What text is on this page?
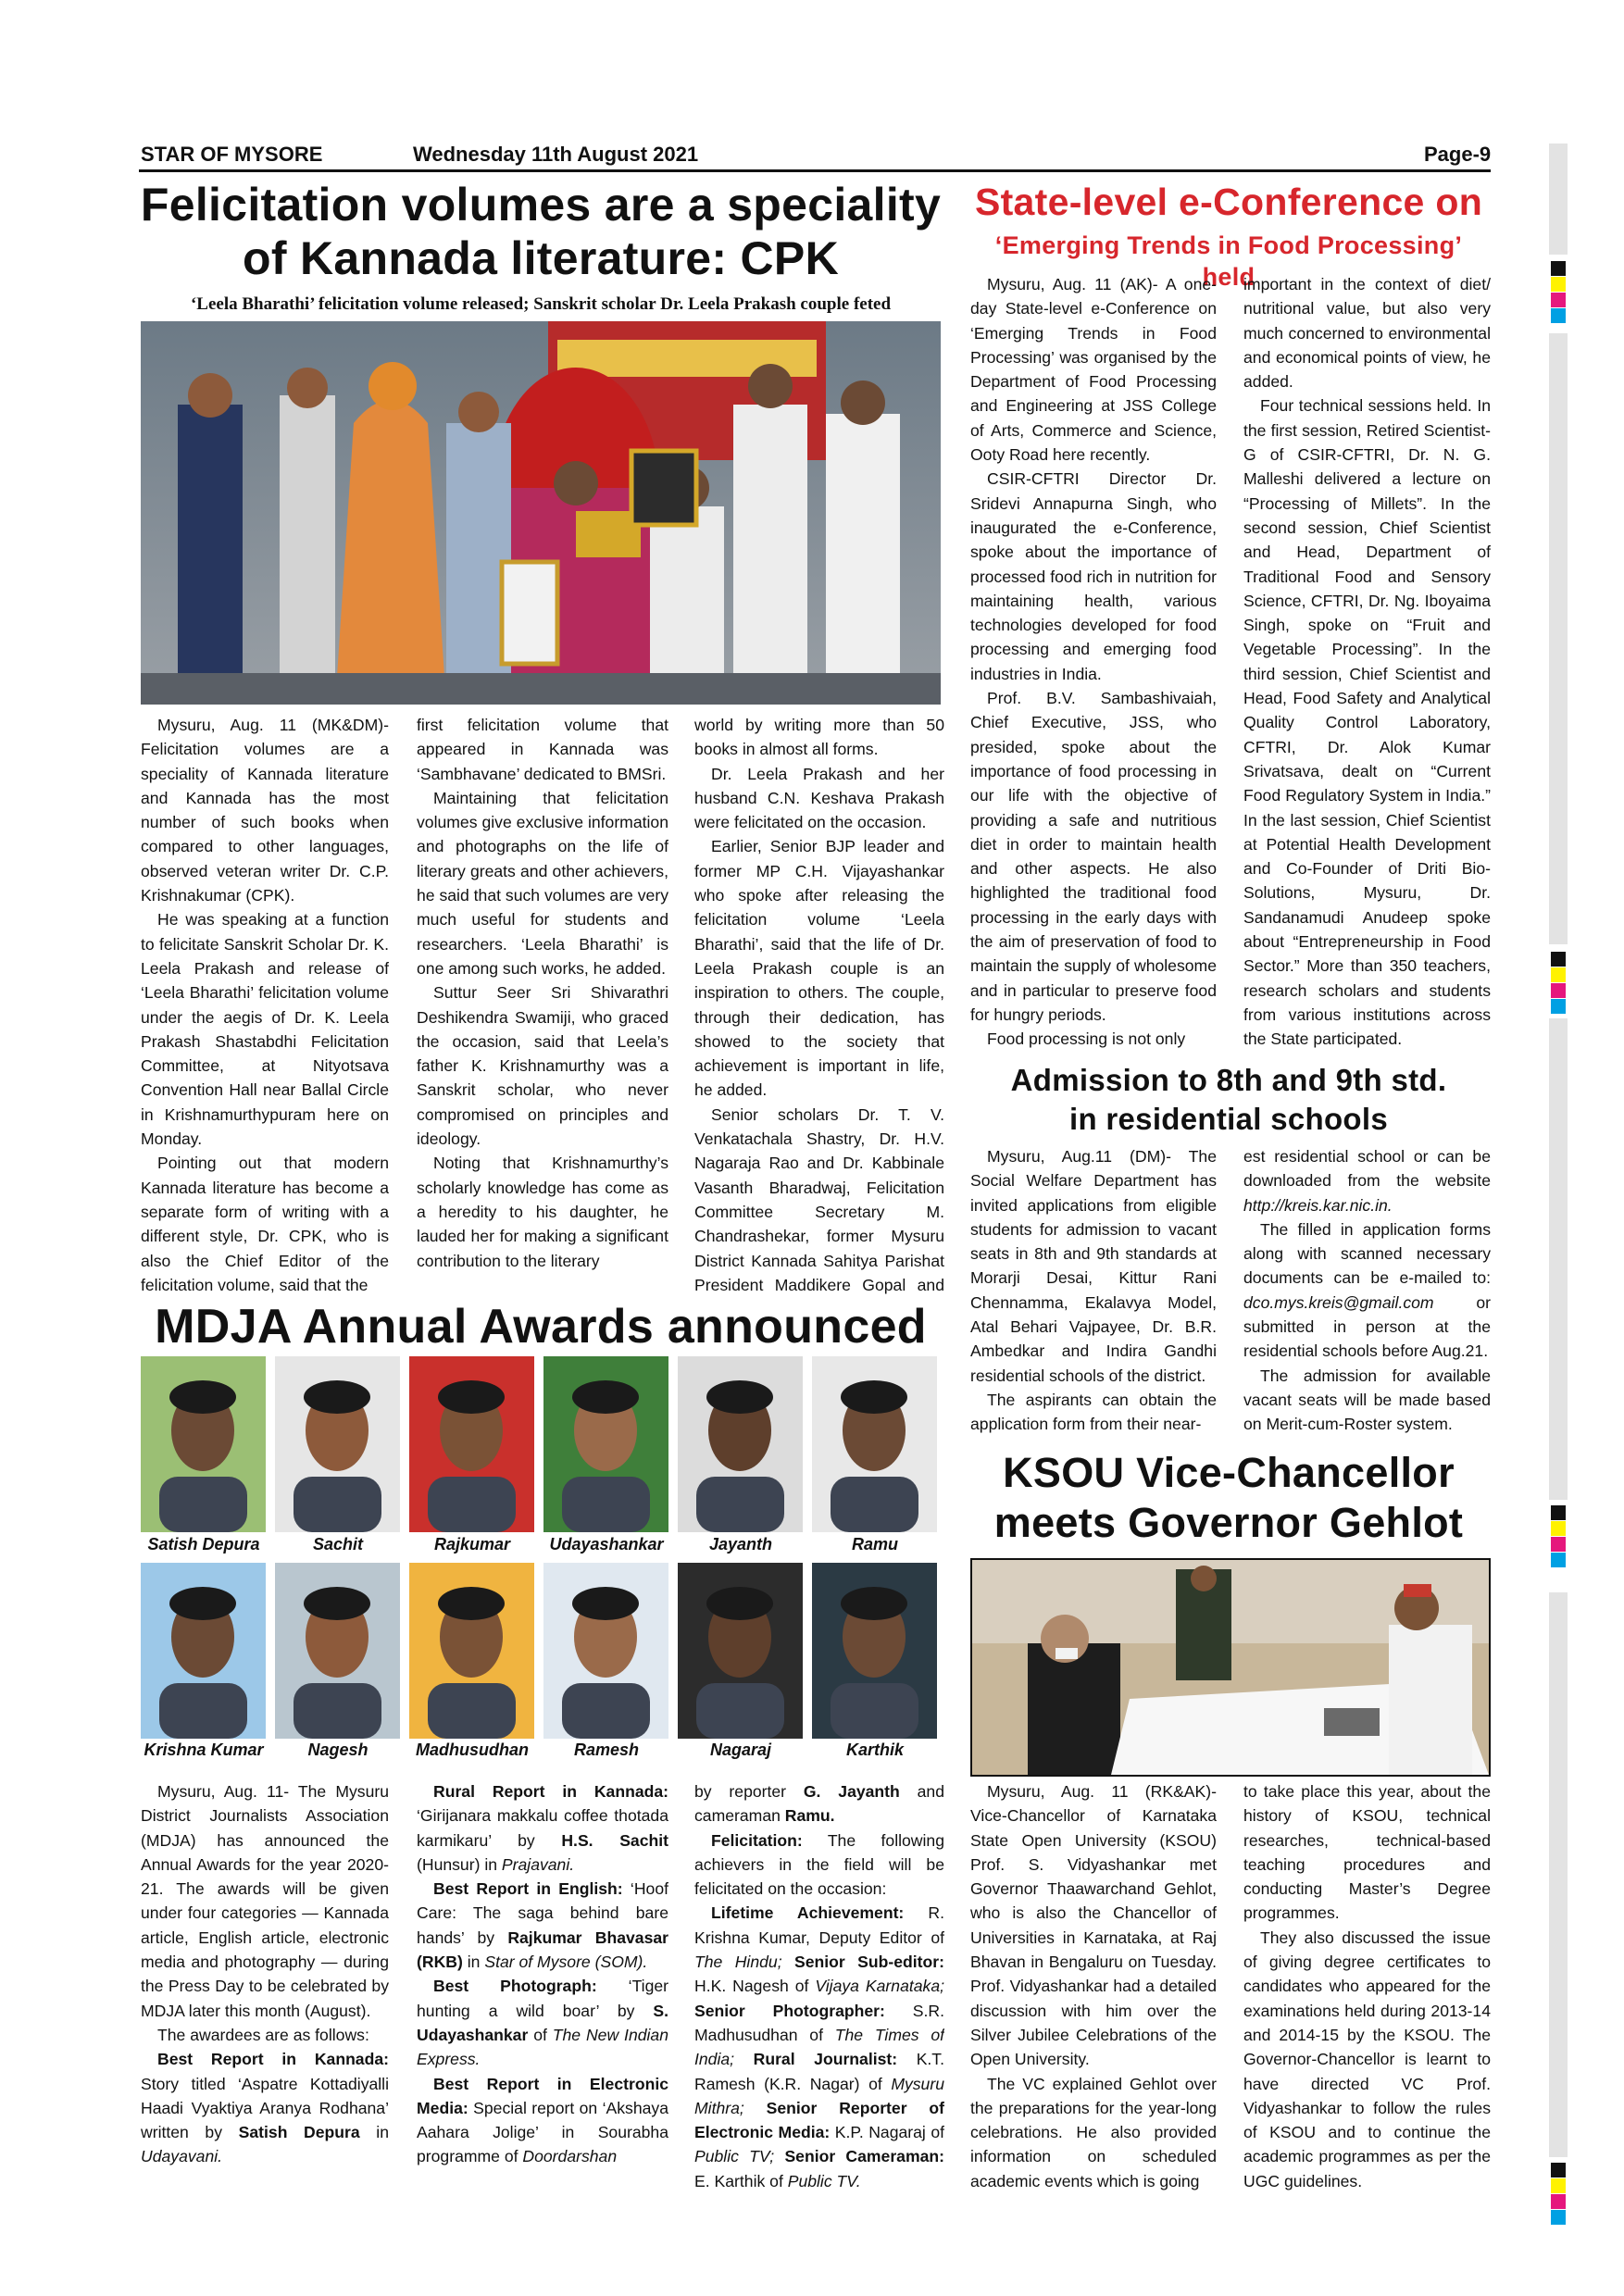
STAR OF MYSORE	Wednesday 11th August 2021	Page-9
Felicitation volumes are a speciality
of Kannada literature: CPK
‘Leela Bharathi’ felicitation volume released; Sanskrit scholar Dr. Leela Prakash couple feted

Mysuru, Aug. 11 (MK&DM)- Felicitation volumes are a speciality of Kannada literature and Kannada has the most number of such books when compared to other languages, observed veteran writer Dr. C.P. Krishnakumar (CPK).

He was speaking at a function to felicitate Sanskrit Scholar Dr. K. Leela Prakash and release of ‘Leela Bharathi’ felicitation volume under the aegis of Dr. K. Leela Prakash Shastabdhi Felicitation Committee, at Nityotsava Convention Hall near Ballal Circle in Krishnamurthypuram here on Monday.

Pointing out that modern Kannada literature has become a separate form of writing with a different style, Dr. CPK, who is also the Chief Editor of the felicitation volume, said that the

first felicitation volume that appeared in Kannada was ‘Sambhavane’ dedicated to BMSri.

Maintaining that felicitation volumes give exclusive information and photographs on the life of literary greats and other achievers, he said that such volumes are very much useful for students and researchers. ‘Leela Bharathi’ is one among such works, he added.

Suttur Seer Sri Shivarathri Deshikendra Swamiji, who graced the occasion, said that Leela’s father K. Krishnamurthy was a Sanskrit scholar, who never compromised on principles and ideology.

Noting that Krishnamurthy’s scholarly knowledge has come as a heredity to his daughter, he lauded her for making a significant contribution to the literary

world by writing more than 50 books in almost all forms.

Dr. Leela Prakash and her husband C.N. Keshava Prakash were felicitated on the occasion.

Earlier, Senior BJP leader and former MP C.H. Vijayashankar who spoke after releasing the felicitation volume ‘Leela Bharathi’, said that the life of Dr. Leela Prakash couple is an inspiration to others. The couple, through their dedication, has showed to the society that achievement is important in life, he added.

Senior scholars Dr. T. V. Venkatachala Shastry, Dr. H.V. Nagaraja Rao and Dr. Kabbinale Vasanth Bharadwaj, Felicitation Committee Secretary M. Chandrashekar, former Mysuru District Kannada Sahitya Parishat President Maddikere Gopal and

MDJA Annual Awards announced
Satish Depura	Sachit	Rajkumar	Udayashankar	Jayanth	Ramu
Krishna Kumar	Nagesh	Madhusudhan	Ramesh	Nagaraj	Karthik

Mysuru, Aug. 11- The Mysuru District Journalists Association (MDJA) has announced the Annual Awards for the year 2020-21. The awards will be given under four categories — Kannada article, English article, electronic media and photography — during the Press Day to be celebrated by MDJA later this month (August).

The awardees are as follows:

Best Report in Kannada: Story titled ‘Aspatre Kottadiyalli Haadi Vyaktiya Aranya Rodhana’ written by Satish Depura in Udayavani.

Rural Report in Kannada: ‘Girijanara makkalu coffee thotada karmikaru’ by H.S. Sachit (Hunsur) in Prajavani.

Best Report in English: ‘Hoof Care: The saga behind bare hands’ by Rajkumar Bhavasar (RKB) in Star of Mysore (SOM).

Best Photograph: ‘Tiger hunting a wild boar’ by S. Udayashankar of The New Indian Express.

Best Report in Electronic Media: Special report on ‘Akshaya Aahara Jolige’ in Sourabha programme of Doordarshan

by reporter G. Jayanth and cameraman Ramu.

Felicitation: The following achievers in the field will be felicitated on the occasion:

Lifetime Achievement: R. Krishna Kumar, Deputy Editor of The Hindu; Senior Sub-editor: H.K. Nagesh of Vijaya Karnataka; Senior Photographer: S.R. Madhusudhan of The Times of India; Rural Journalist: K.T. Ramesh (K.R. Nagar) of Mysuru Mithra; Senior Reporter of Electronic Media: K.P. Nagaraj of Public TV; Senior Cameraman: E. Karthik of Public TV.

State-level e-Conference on
‘Emerging Trends in Food Processing’ held

Mysuru, Aug. 11 (AK)- A one-day State-level e-Conference on ‘Emerging Trends in Food Processing’ was organised by the Department of Food Processing and Engineering at JSS College of Arts, Commerce and Science, Ooty Road here recently.

CSIR-CFTRI Director Dr. Sridevi Annapurna Singh, who inaugurated the e-Conference, spoke about the importance of processed food rich in nutrition for maintaining health, various technologies developed for food processing and emerging food industries in India.

Prof. B.V. Sambashivaiah, Chief Executive, JSS, who presided, spoke about the importance of food processing in our life with the objective of providing a safe and nutritious diet in order to maintain health and other aspects. He also highlighted the traditional food processing in the early days with the aim of preservation of food to maintain the supply of wholesome and in particular to preserve food for hungry periods.

Food processing is not only

important in the context of diet/ nutritional value, but also very much concerned to environmental and economical points of view, he added.

Four technical sessions held. In the first session, Retired Scientist-G of CSIR-CFTRI, Dr. N. G. Malleshi delivered a lecture on “Processing of Millets”. In the second session, Chief Scientist and Head, Department of Traditional Food and Sensory Science, CFTRI, Dr. Ng. Iboyaima Singh, spoke on “Fruit and Vegetable Processing”. In the third session, Chief Scientist and Head, Food Safety and Analytical Quality Control Laboratory, CFTRI, Dr. Alok Kumar Srivatsava, dealt on “Current Food Regulatory System in India.” In the last session, Chief Scientist at Potential Health Development and Co-Founder of Driti Bio-Solutions, Mysuru, Dr. Sandanamudi Anudeep spoke about “Entrepreneurship in Food Sector.” More than 350 teachers, research scholars and students from various institutions across the State participated.

Admission to 8th and 9th std.
in residential schools

Mysuru, Aug.11 (DM)- The Social Welfare Department has invited applications from eligible students for admission to vacant seats in 8th and 9th standards at Morarji Desai, Kittur Rani Chennamma, Ekalavya Model, Atal Behari Vajpayee, Dr. B.R. Ambedkar and Indira Gandhi residential schools of the district.

The aspirants can obtain the application form from their near-

est residential school or can be downloaded from the website http://kreis.kar.nic.in.

The filled in application forms along with scanned necessary documents can be e-mailed to: dco.mys.kreis@gmail.com	or submitted in person at the residential schools before Aug.21.

The admission for available vacant seats will be made based on Merit-cum-Roster system.

KSOU Vice-Chancellor
meets Governor Gehlot

Mysuru, Aug. 11 (RK&AK)- Vice-Chancellor of Karnataka State Open University (KSOU) Prof. S. Vidyashankar met Governor Thaawarchand Gehlot, who is also the Chancellor of Universities in Karnataka, at Raj Bhavan in Bengaluru on Tuesday. Prof. Vidyashankar had a detailed discussion with him over the Silver Jubilee Celebrations of the Open University.

The VC explained Gehlot over the preparations for the year-long celebrations. He also provided information on scheduled academic events which is going

to take place this year, about the history of KSOU, technical researches, technical-based teaching procedures and conducting Master’s Degree programmes.

They also discussed the issue of giving degree certificates to candidates who appeared for the examinations held during 2013-14 and 2014-15 by the KSOU. The Governor-Chancellor is learnt to have directed VC Prof. Vidyashankar to follow the rules of KSOU and to continue the academic programmes as per the UGC guidelines.
